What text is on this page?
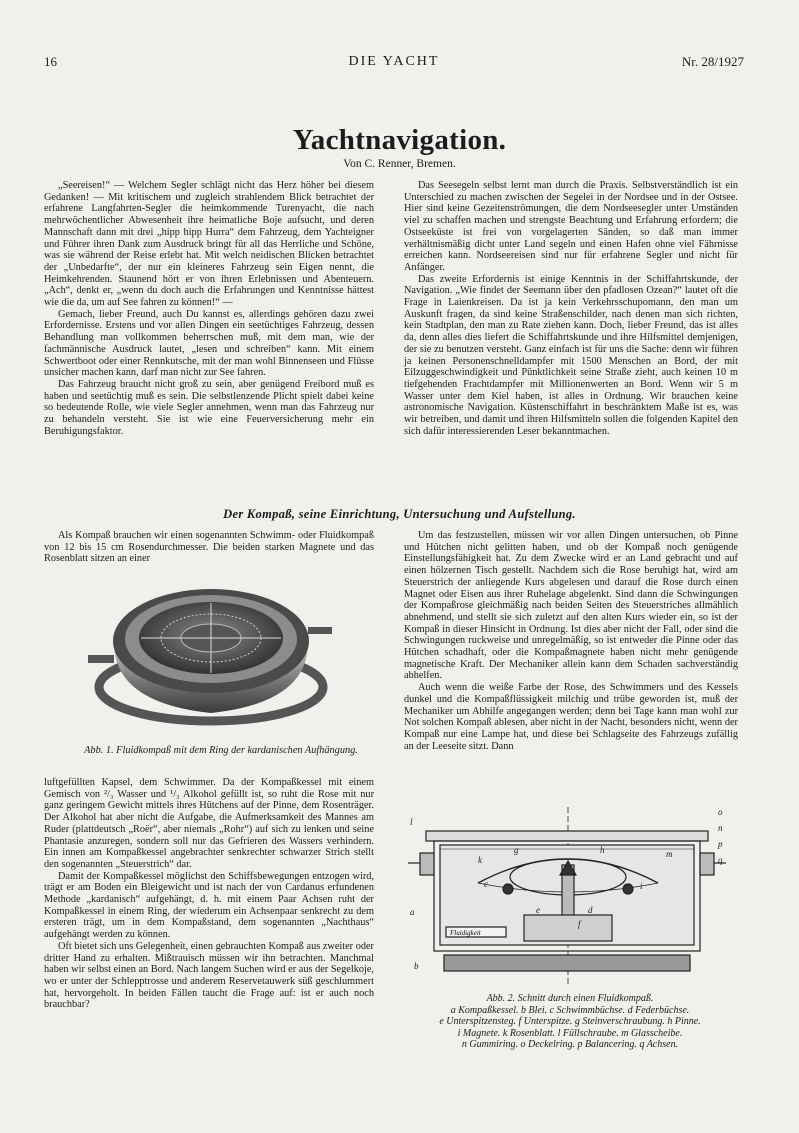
16	DIE YACHT	Nr. 28/1927
Yachtnavigation.
Von C. Renner, Bremen.

„Seereisen!“ — Welchem Segler schlägt nicht das Herz höher bei diesem Gedanken! — Mit kritischem und zugleich strahlendem Blick betrachtet der erfahrene Langfahrten-Segler die heimkommende Turenyacht, die nach mehrwöchentlicher Abwesenheit ihre heimatliche Boje aufsucht, und deren Mannschaft dann mit drei „hipp hipp Hurra“ dem Fahrzeug, dem Yachteigner und Führer ihren Dank zum Ausdruck bringt für all das Herrliche und Schöne, was sie während der Reise erlebt hat. Mit welch neidischen Blicken betrachtet der „Unbedarfte“, der nur ein kleineres Fahrzeug sein Eigen nennt, die Heimkehrenden. Staunend hört er von ihren Erlebnissen und Abenteuern. „Ach“, denkt er, „wenn du doch auch die Erfahrungen und Kenntnisse hättest wie die da, um auf See fahren zu können!“ —

Gemach, lieber Freund, auch Du kannst es, allerdings gehören dazu zwei Erfordernisse. Erstens und vor allen Dingen ein seetüchtiges Fahrzeug, dessen Behandlung man vollkommen beherrschen muß, mit dem man, wie der fachmännische Ausdruck lautet, „lesen und schreiben“ kann. Mit einem Schwertboot oder einer Rennkutsche, mit der man wohl Binnenseen und Flüsse unsicher machen kann, darf man nicht zur See fahren.

Das Fahrzeug braucht nicht groß zu sein, aber genügend Freibord muß es haben und seetüchtig muß es sein. Die selbstlenzende Plicht spielt dabei keine so bedeutende Rolle, wie viele Segler annehmen, wenn man das Fahrzeug nur zu behandeln versteht. Sie ist wie eine Feuerversicherung mehr ein Beruhigungsfaktor.

Das Seesegeln selbst lernt man durch die Praxis. Selbstverständlich ist ein Unterschied zu machen zwischen der Segelei in der Nordsee und in der Ostsee. Hier sind keine Gezeitenströmungen, die dem Nordseesegler unter Umständen viel zu schaffen machen und strengste Beachtung und Erfahrung erfordern; die Ostseeküste ist frei von vorgelagerten Sänden, so daß man immer verhältnismäßig dicht unter Land segeln und einen Hafen ohne viel Fährnisse erreichen kann. Nordseereisen sind nur für erfahrene Segler und nicht für Anfänger.

Das zweite Erfordernis ist einige Kenntnis in der Schiffahrtskunde, der Navigation. „Wie findet der Seemann über den pfadlosen Ozean?“ lautet oft die Frage in Laienkreisen. Da ist ja kein Verkehrsschupomann, den man um Auskunft fragen, da sind keine Straßenschilder, nach denen man sich richten, kein Stadtplan, den man zu Rate ziehen kann. Doch, lieber Freund, das ist alles da, denn alles dies liefert die Schiffahrtskunde und ihre Hilfsmittel demjenigen, der sie zu benutzen versteht. Ganz einfach ist für uns die Sache: denn wir führen ja keinen Personenschnelldampfer mit 1500 Menschen an Bord, der mit Eilzuggeschwindigkeit und Pünktlichkeit seine Straße zieht, auch keinen 10 m tiefgehenden Frachtdampfer mit Millionenwerten an Bord. Wenn wir 5 m Wasser unter dem Kiel haben, ist alles in Ordnung. Wir brauchen keine astronomische Navigation. Küstenschiffahrt in beschränktem Maße ist es, was wir betreiben, und damit und ihren Hilfsmitteln sollen die folgenden Kapitel den sich dafür interessierenden Leser bekanntmachen.

Der Kompaß, seine Einrichtung, Untersuchung und Aufstellung.

Als Kompaß brauchen wir einen sogenannten Schwimm- oder Fluidkompaß von 12 bis 15 cm Rosendurchmesser. Die beiden starken Magnete und das Rosenblatt sitzen an einer

Abb. 1. Fluidkompaß mit dem Ring der kardanischen Aufhängung.

luftgefüllten Kapsel, dem Schwimmer. Da der Kompaßkessel mit einem Gemisch von ²/₃ Wasser und ¹/₃ Alkohol gefüllt ist, so ruht die Rose mit nur ganz geringem Gewicht mittels ihres Hütchens auf der Pinne, dem Rosenträger. Der Alkohol hat aber nicht die Aufgabe, die Aufmerksamkeit des Mannes am Ruder (plattdeutsch „Roër“, aber niemals „Rohr“) auf sich zu lenken und seine Phantasie anzuregen, sondern soll nur das Gefrieren des Wassers verhindern. Ein innen am Kompaßkessel angebrachter senkrechter schwarzer Strich stellt den sogenannten „Steuerstrich“ dar.

Damit der Kompaßkessel möglichst den Schiffsbewegungen entzogen wird, trägt er am Boden ein Bleigewicht und ist nach der von Cardanus erfundenen Methode „kardanisch“ aufgehängt, d. h. mit einem Paar Achsen ruht der Kompaßkessel in einem Ring, der wiederum ein Achsenpaar senkrecht zu dem ersteren trägt, um in dem Kompaßstand, dem sogenannten „Nachthaus“ aufgehängt werden zu können.

Oft bietet sich uns Gelegenheit, einen gebrauchten Kompaß aus zweiter oder dritter Hand zu erhalten. Mißtrauisch müssen wir ihn betrachten. Manchmal haben wir selbst einen an Bord. Nach langem Suchen wird er aus der Segelkoje, wo er unter der Schlepptrosse und anderem Reservetauwerk süß geschlummert hat, hervorgeholt. In beiden Fällen taucht die Frage auf: ist er auch noch brauchbar?

Um das festzustellen, müssen wir vor allen Dingen untersuchen, ob Pinne und Hütchen nicht gelitten haben, und ob der Kompaß noch genügende Einstellungsfähigkeit hat. Zu dem Zwecke wird er an Land gebracht und auf einen hölzernen Tisch gestellt. Nachdem sich die Rose beruhigt hat, wird am Steuerstrich der anliegende Kurs abgelesen und darauf die Rose durch einen Magnet oder Eisen aus ihrer Ruhelage abgelenkt. Sind dann die Schwingungen der Kompaßrose gleichmäßig nach beiden Seiten des Steuerstriches allmählich abnehmend, und stellt sie sich zuletzt auf den alten Kurs wieder ein, so ist der Kompaß in dieser Hinsicht in Ordnung. Ist dies aber nicht der Fall, oder sind die Schwingungen ruckweise und unregelmäßig, so ist entweder die Pinne oder das Hütchen schadhaft, oder die Kompaßmagnete haben nicht mehr genügende magnetische Kraft. Der Mechaniker allein kann dem Schaden sachverständig abhelfen.

Auch wenn die weiße Farbe der Rose, des Schwimmers und des Kessels dunkel und die Kompaßflüssigkeit milchig und trübe geworden ist, muß der Mechaniker um Abhilfe angegangen werden; denn bei Tage kann man wohl zur Not solchen Kompaß ablesen, aber nicht in der Nacht, besonders nicht, wenn der Kompaß nur eine Lampe hat, und diese bei Schlagseite des Fahrzeugs zufällig an der Leeseite sitzt. Dann

Fluidigkeit
o
n
p
q
l
k
g	h	m
c	i
e
a	d
f
b
Abb. 2. Schnitt durch einen Fluidkompaß.
a Kompaßkessel. b Blei. c Schwimmbüchse. d Federbüchse.
e Unterspitzensteg. f Unterspitze. g Steinverschraubung. h Pinne.
i Magnete. k Rosenblatt. l Füllschraube. m Glasscheibe.
n Gummiring. o Deckelring. p Balancering. q Achsen.
